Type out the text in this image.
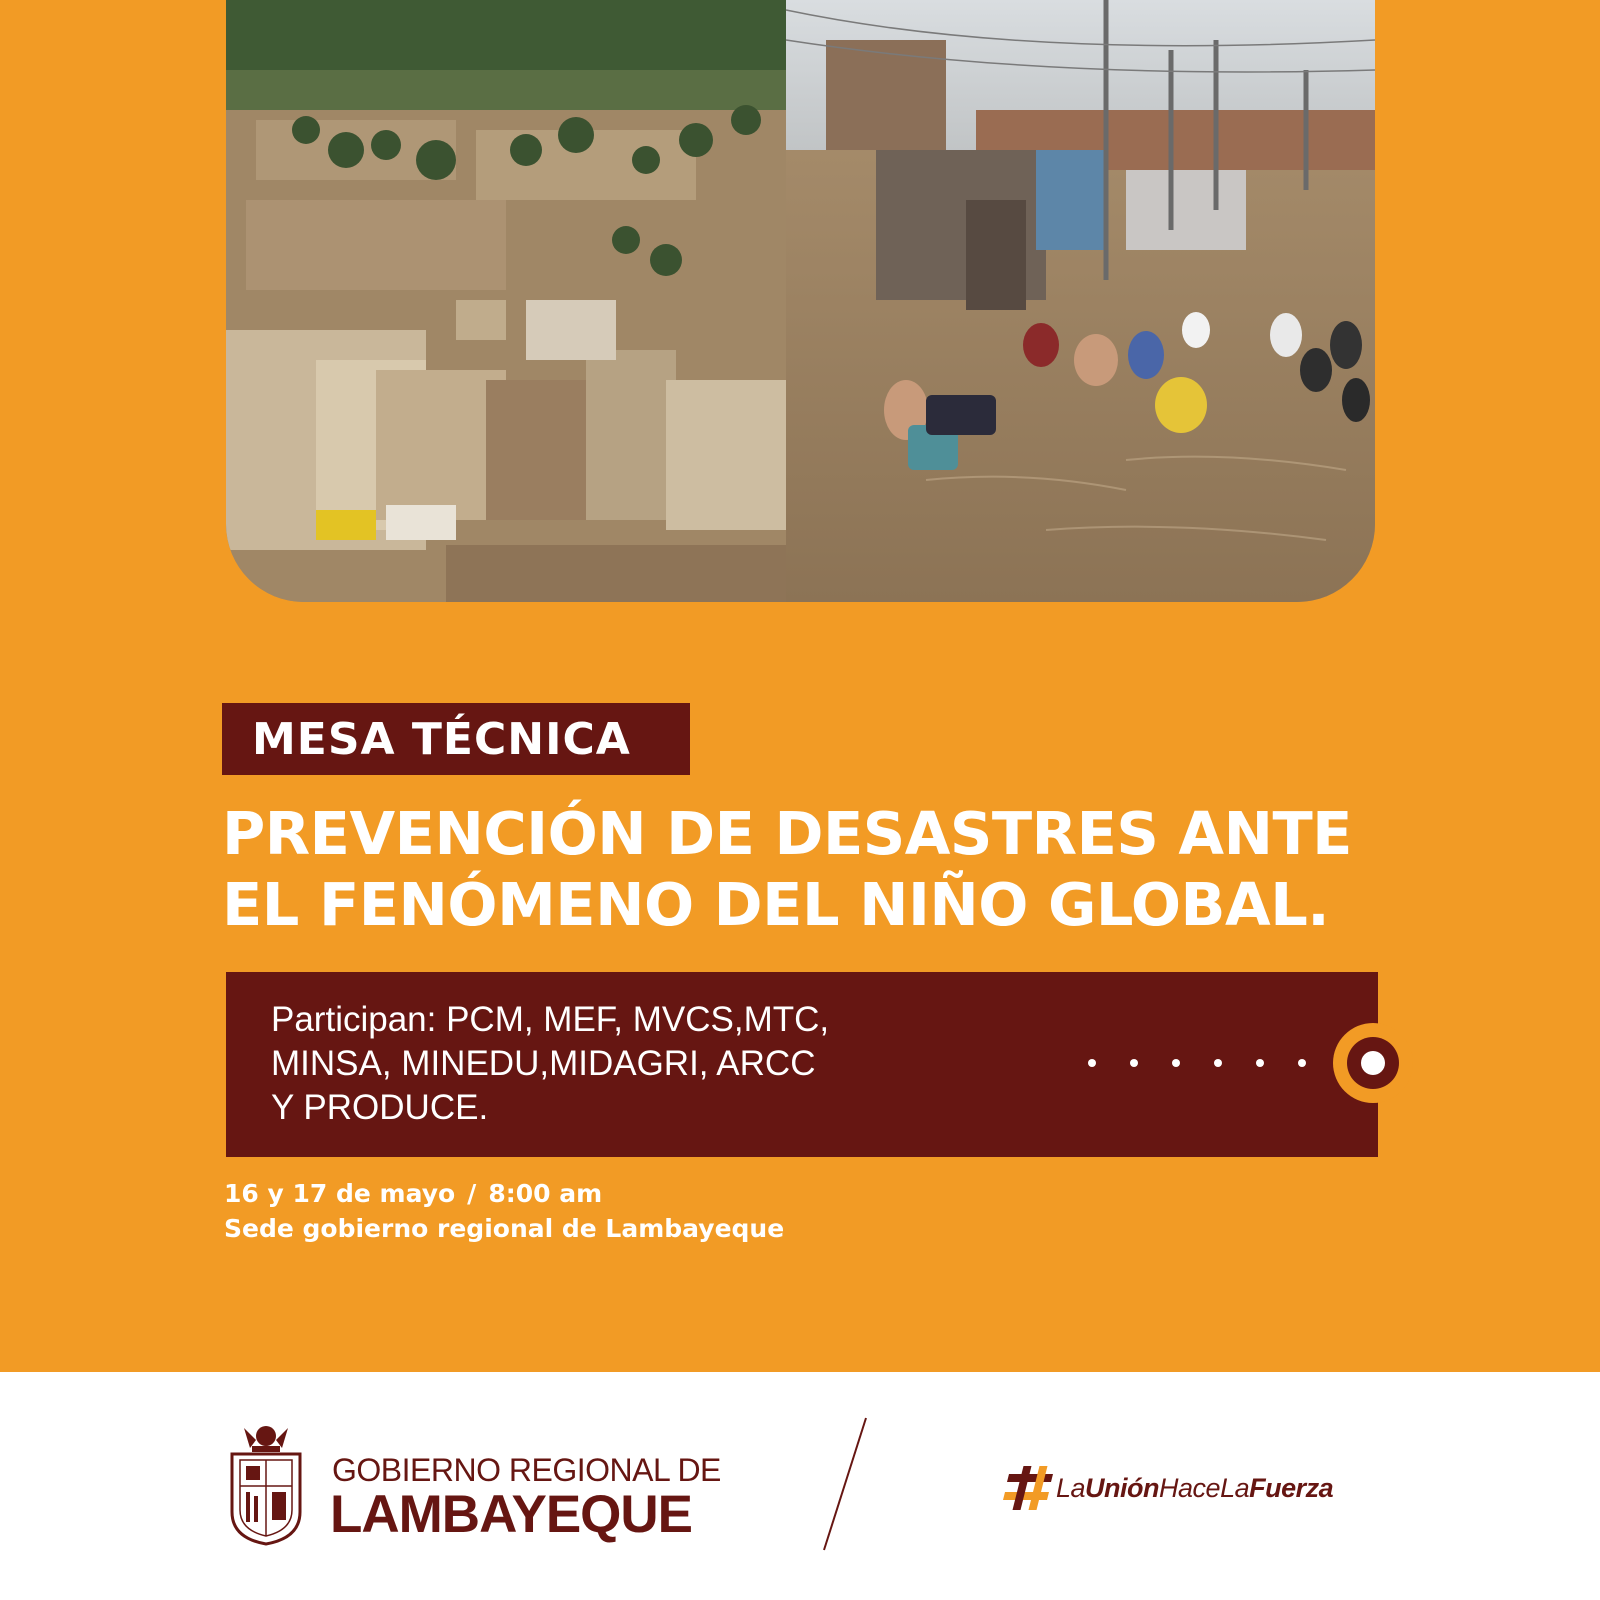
MESA TÉCNICA
PREVENCIÓN DE DESASTRES ANTE
EL FENÓMENO DEL NIÑO GLOBAL.
Participan: PCM, MEF, MVCS,MTC,
MINSA, MINEDU,MIDAGRI, ARCC
Y PRODUCE.
16 y 17 de mayo / 8:00 am
Sede gobierno regional de Lambayeque
GOBIERNO REGIONAL DE
LAMBAYEQUE	LaUniónHaceLaFuerza
